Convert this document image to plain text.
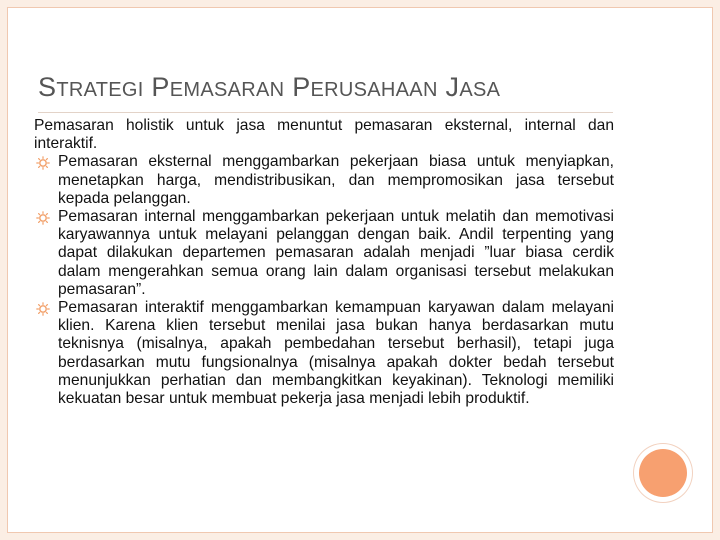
STRATEGI PEMASARAN PERUSAHAAN JASA

Pemasaran holistik untuk jasa menuntut pemasaran eksternal, internal dan interaktif.

Pemasaran eksternal menggambarkan pekerjaan biasa untuk menyiapkan, menetapkan harga, mendistribusikan, dan mempromosikan jasa tersebut kepada pelanggan.
Pemasaran internal menggambarkan pekerjaan untuk melatih dan memotivasi karyawannya untuk melayani pelanggan dengan baik. Andil terpenting yang dapat dilakukan departemen pemasaran adalah menjadi ”luar biasa cerdik dalam mengerahkan semua orang lain dalam organisasi tersebut melakukan pemasaran”.
Pemasaran interaktif menggambarkan kemampuan karyawan dalam melayani klien. Karena klien tersebut menilai jasa bukan hanya berdasarkan mutu teknisnya (misalnya, apakah pembedahan tersebut berhasil), tetapi juga berdasarkan mutu fungsionalnya (misalnya apakah dokter bedah tersebut menunjukkan perhatian dan membangkitkan keyakinan). Teknologi memiliki kekuatan besar untuk membuat pekerja jasa menjadi lebih produktif.
